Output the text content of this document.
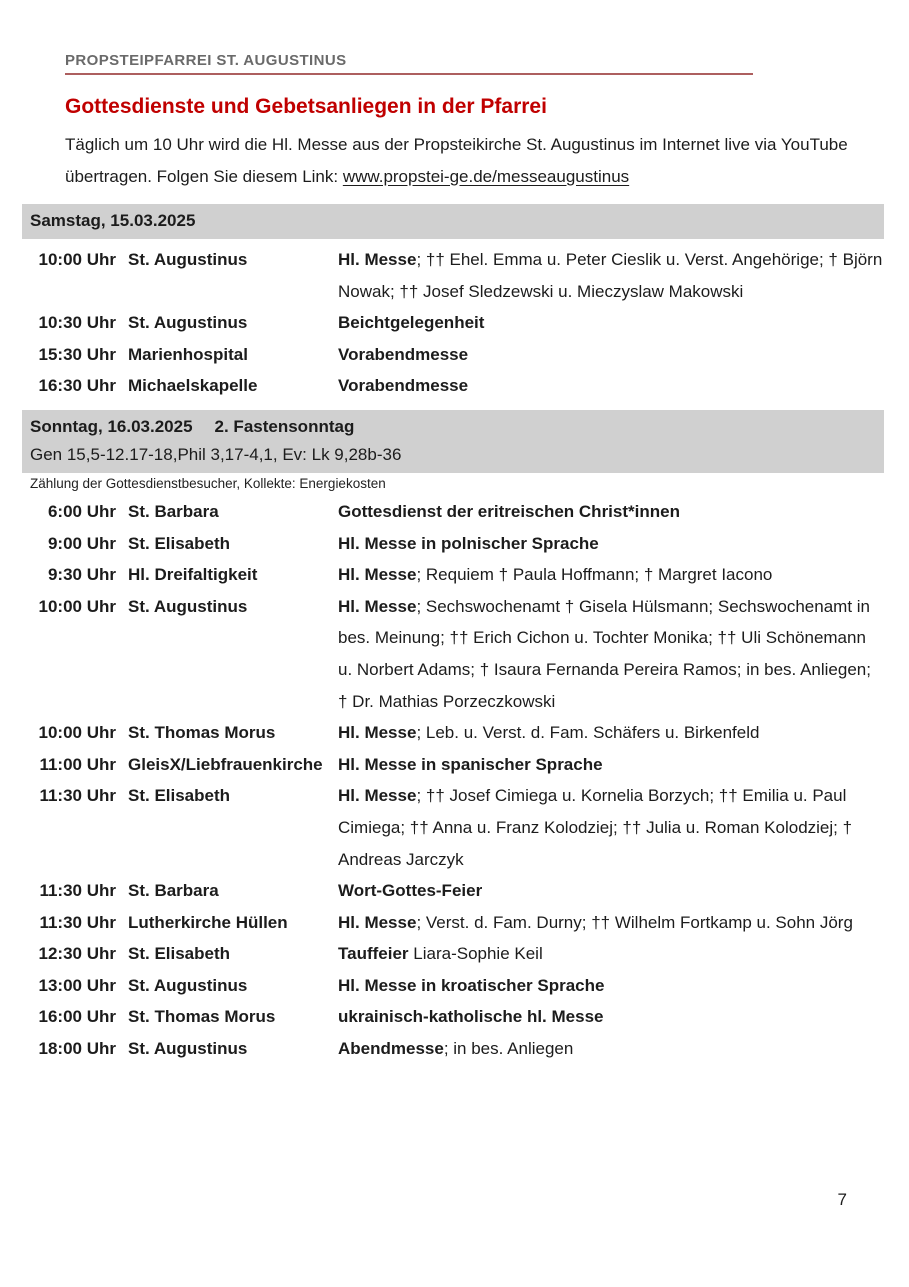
PROPSTEIPFARREI ST. AUGUSTINUS
Gottesdienste und Gebetsanliegen in der Pfarrei

Täglich um 10 Uhr wird die Hl. Messe aus der Propsteikirche St. Augustinus im Internet live via YouTube übertragen. Folgen Sie diesem Link: www.propstei-ge.de/messeaugustinus

Samstag, 15.03.2025
10:00 Uhr St. Augustinus	Hl. Messe; †† Ehel. Emma u. Peter Cieslik u. Verst. Angehörige; † Björn Nowak; †† Josef Sledzewski u. Mieczyslaw Makowski
10:30 Uhr St. Augustinus	Beichtgelegenheit
15:30 Uhr Marienhospital	Vorabendmesse
16:30 Uhr Michaelskapelle	Vorabendmesse
Sonntag, 16.03.2025 2. Fastensonntag
Gen 15,5-12.17-18,Phil 3,17-4,1, Ev: Lk 9,28b-36
Zählung der Gottesdienstbesucher, Kollekte: Energiekosten
6:00 Uhr St. Barbara	Gottesdienst der eritreischen Christ*innen
9:00 Uhr St. Elisabeth	Hl. Messe in polnischer Sprache
9:30 Uhr Hl. Dreifaltigkeit	Hl. Messe; Requiem † Paula Hoffmann; † Margret Iacono
10:00 Uhr St. Augustinus	Hl. Messe; Sechswochenamt † Gisela Hülsmann; Sechswochenamt in bes. Meinung; †† Erich Cichon u. Tochter Monika; †† Uli Schönemann u. Norbert Adams; † Isaura Fernanda Pereira Ramos; in bes. Anliegen; † Dr. Mathias Porzeczkowski
10:00 Uhr St. Thomas Morus	Hl. Messe; Leb. u. Verst. d. Fam. Schäfers u. Birkenfeld
11:00 Uhr GleisX/Liebfrauenkirche Hl. Messe in spanischer Sprache
11:30 Uhr St. Elisabeth	Hl. Messe; †† Josef Cimiega u. Kornelia Borzych; †† Emilia u. Paul Cimiega; †† Anna u. Franz Kolodziej; †† Julia u. Roman Kolodziej; † Andreas Jarczyk
11:30 Uhr St. Barbara	Wort-Gottes-Feier
11:30 Uhr Lutherkirche Hüllen	Hl. Messe; Verst. d. Fam. Durny; †† Wilhelm Fortkamp u. Sohn Jörg
12:30 Uhr St. Elisabeth	Tauffeier Liara-Sophie Keil
13:00 Uhr St. Augustinus	Hl. Messe in kroatischer Sprache
16:00 Uhr St. Thomas Morus	ukrainisch-katholische hl. Messe
18:00 Uhr St. Augustinus	Abendmesse; in bes. Anliegen
7
